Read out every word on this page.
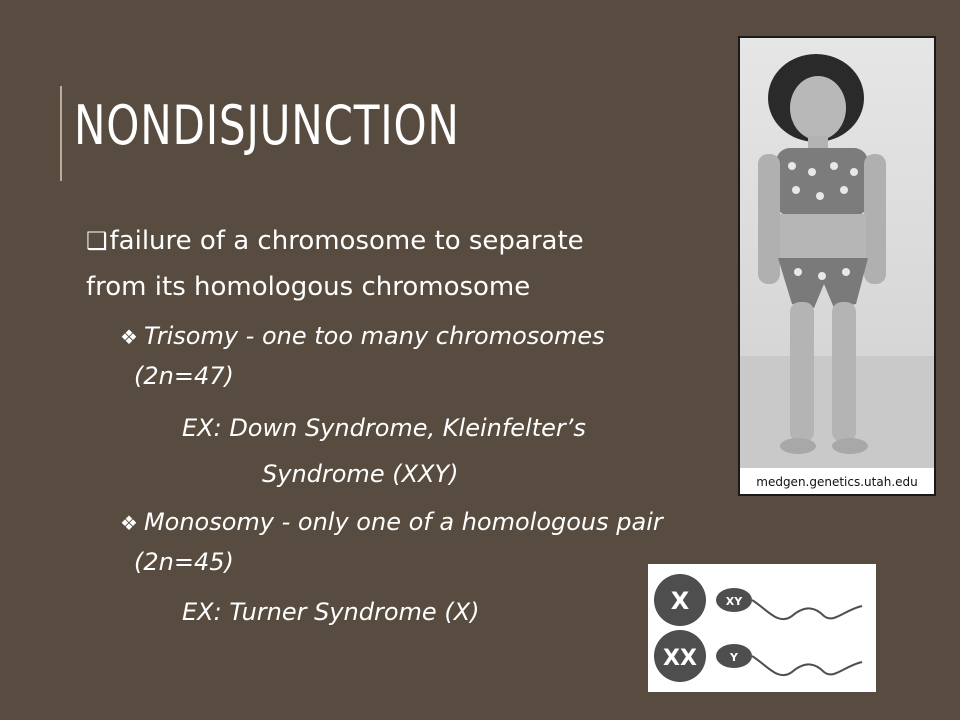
NONDISJUNCTION
❑failure of a chromosome to separate
from its homologous chromosome
❖ Trisomy - one too many chromosomes
(2n=47)
EX: Down Syndrome, Kleinfelter’s
Syndrome (XXY)
❖ Monosomy - only one of a homologous pair
(2n=45)
EX: Turner Syndrome (X)
medgen.genetics.utah.edu
X	XY
XX	Y
